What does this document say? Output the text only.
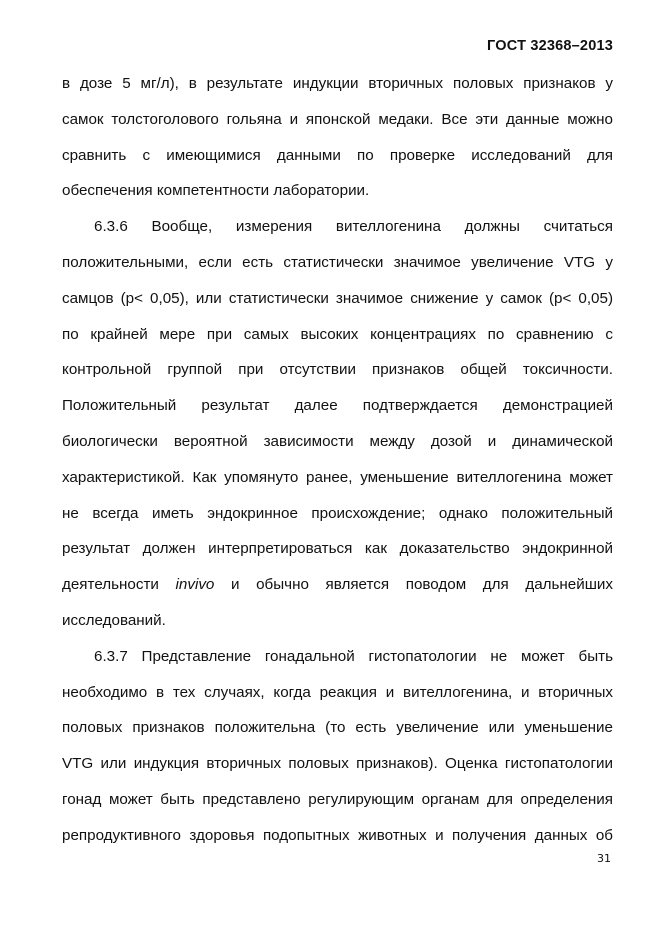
ГОСТ 32368–2013
в дозе 5 мг/л), в результате индукции вторичных половых признаков у
самок толстоголового гольяна и японской медаки. Все эти данные можно
сравнить с имеющимися данными по проверке исследований для
обеспечения компетентности лаборатории.
6.3.6 Вообще, измерения вителлогенина должны считаться
положительными, если есть статистически значимое увеличение VTG у
самцов (р< 0,05), или статистически значимое снижение у самок (р< 0,05)
по крайней мере при самых высоких концентрациях по сравнению с
контрольной группой при отсутствии признаков общей токсичности.
Положительный результат далее подтверждается демонстрацией
биологически вероятной зависимости между дозой и динамической
характеристикой. Как упомянуто ранее, уменьшение вителлогенина может
не всегда иметь эндокринное происхождение; однако положительный
результат должен интерпретироваться как доказательство эндокринной
деятельности invivo и обычно является поводом для дальнейших
исследований.
6.3.7 Представление гонадальной гистопатологии не может быть
необходимо в тех случаях, когда реакция и вителлогенина, и вторичных
половых признаков положительна (то есть увеличение или уменьшение
VTG или индукция вторичных половых признаков). Оценка гистопатологии
гонад может быть представлено регулирующим органам для определения
репродуктивного здоровья подопытных животных и получения данных об
31
